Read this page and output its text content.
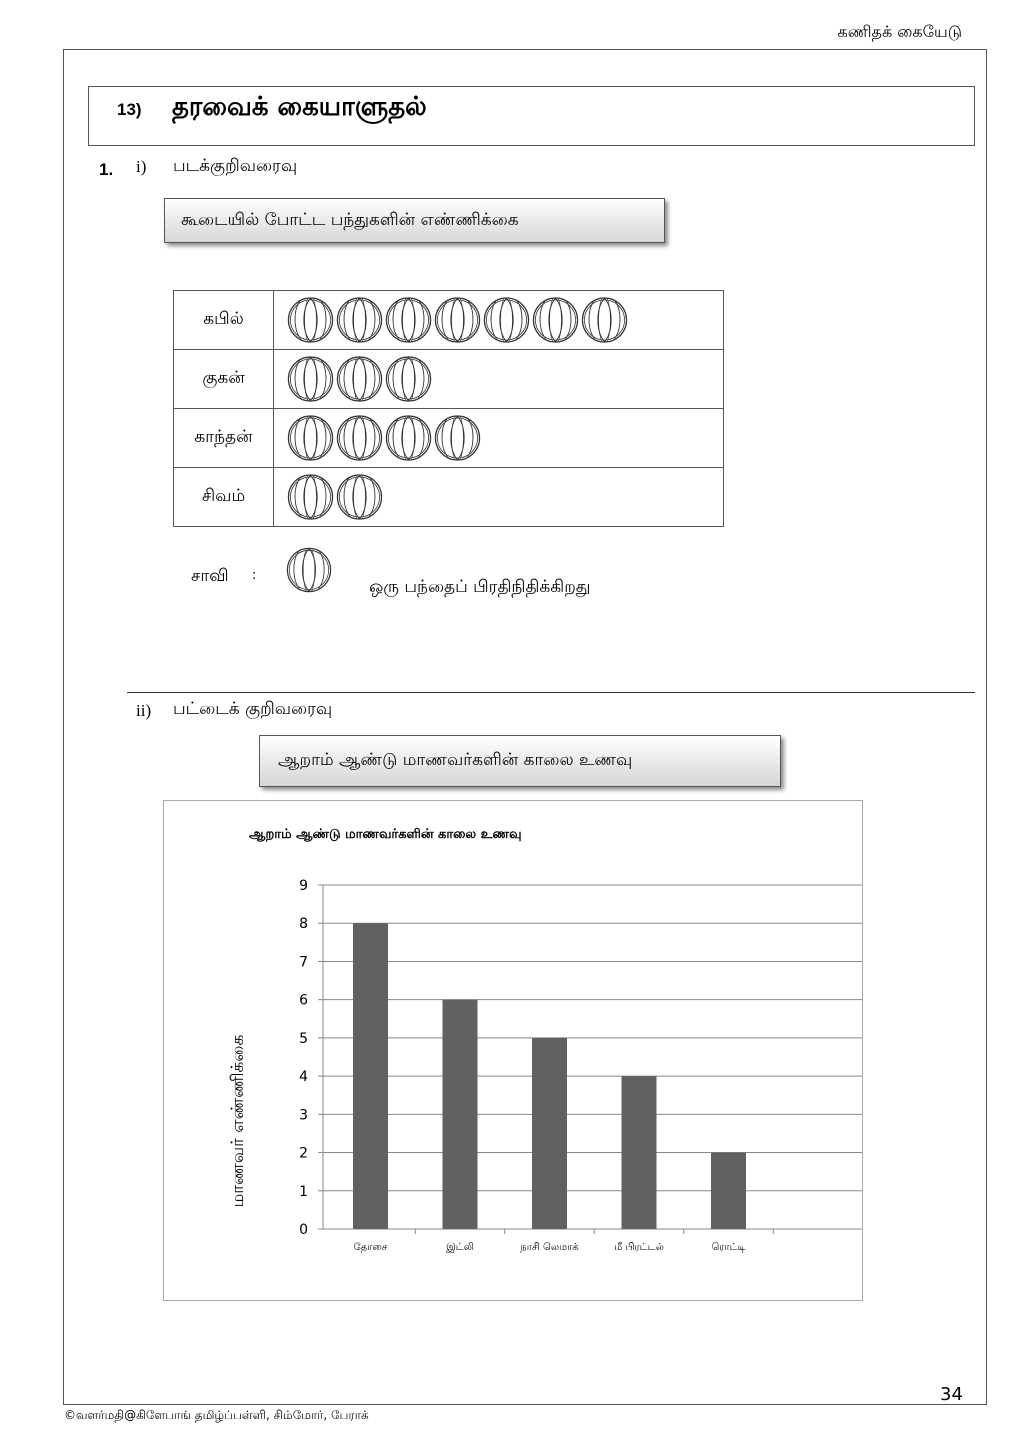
கணிதக் கையேடு
13) தரவைக் கையாளுதல்
1. i) படக்குறிவரைவு
கூடையில் போட்ட பந்துகளின் எண்ணிக்கை
கபில்	
குகன்	
காந்தன்	
சிவம்	
சாவி :
ஒரு பந்தைப் பிரதிநிதிக்கிறது
ii) பட்டைக் குறிவரைவு
ஆறாம் ஆண்டு மாணவர்களின் காலை உணவு
ஆறாம் ஆண்டு மாணவர்களின் காலை உணவு
0
1
2
3
4
5
6
7
8
9
தோசை	இட்லி	நாசி லெமாக்	மீ பிரட்டல்	ரொட்டி
மாணவர் எண்ணிக்கை
34
©வளர்மதி@கிளேபாங் தமிழ்ப்பள்ளி, சிம்மோர், பேராக்
